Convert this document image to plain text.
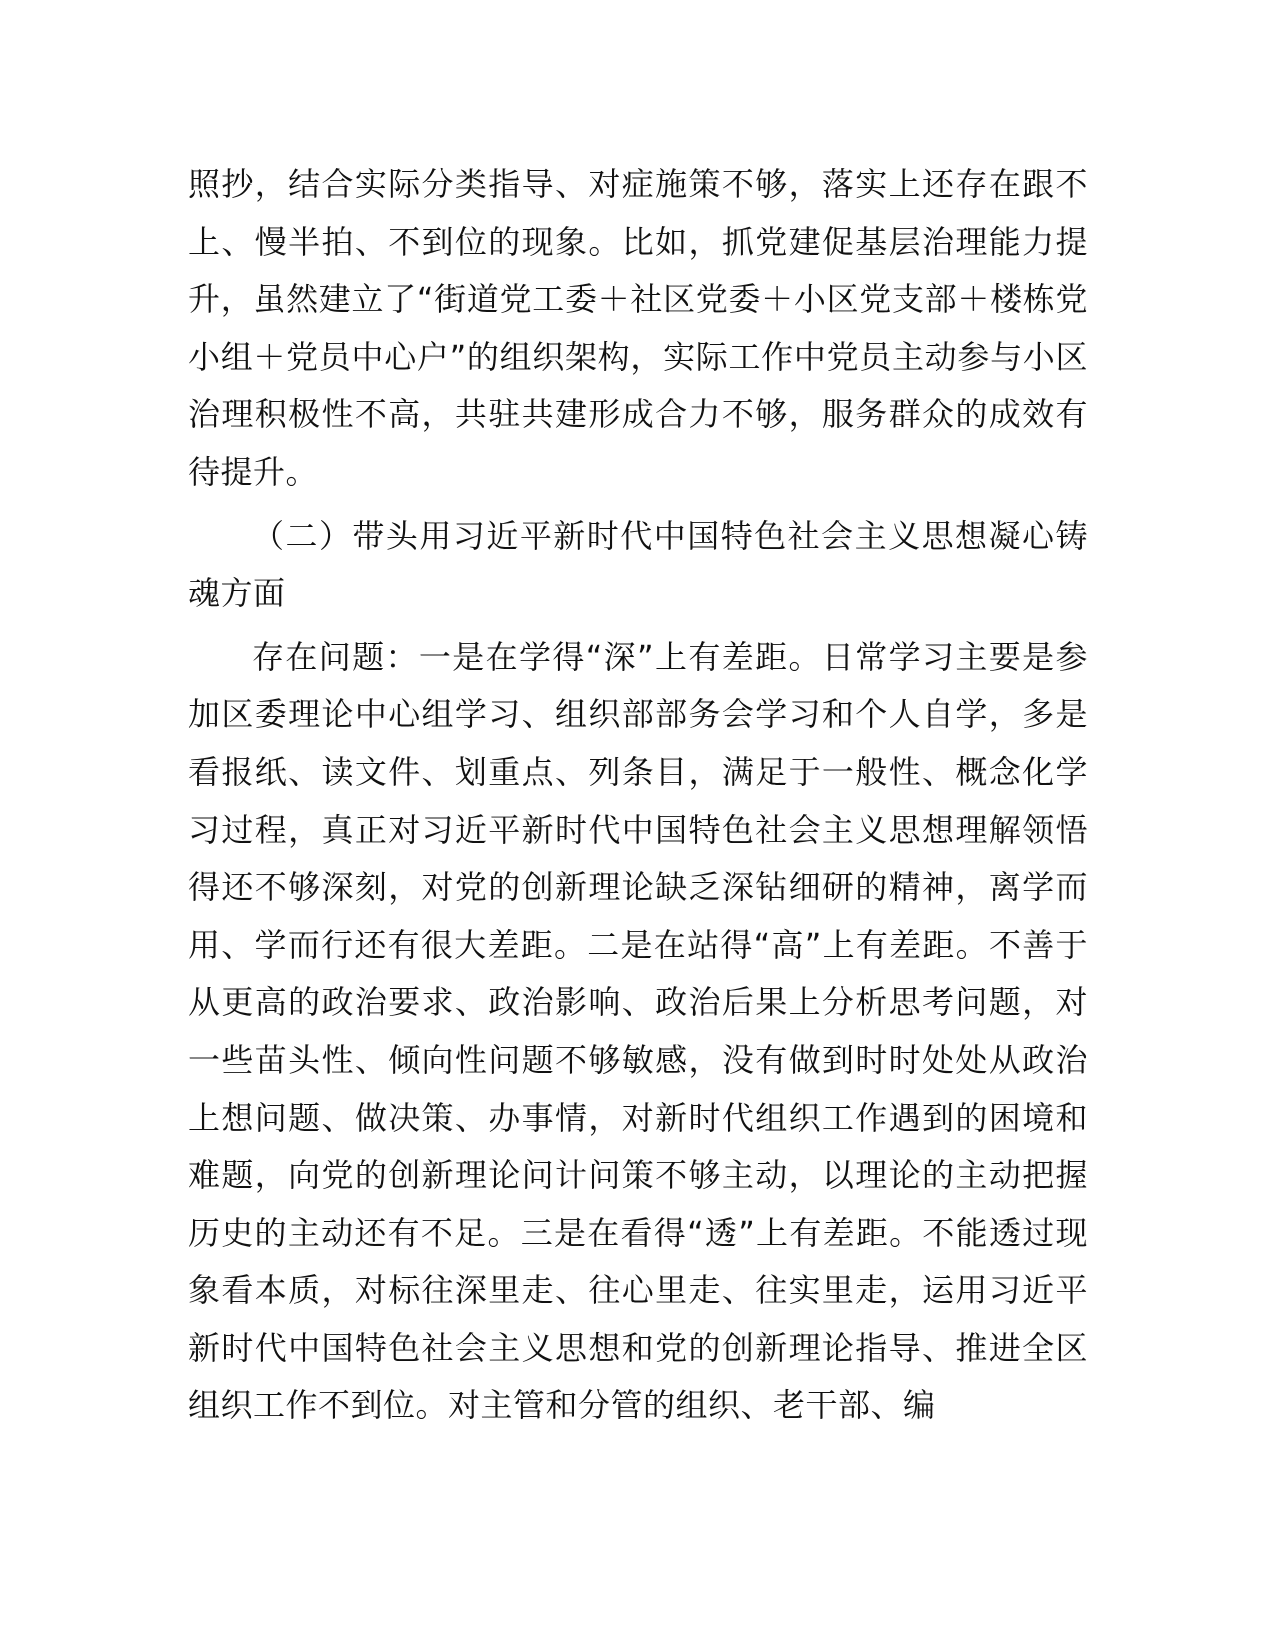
照抄，结合实际分类指导、对症施策不够，落实上还存在跟不上、慢半拍、不到位的现象。比如，抓党建促基层治理能力提升，虽然建立了“街道党工委＋社区党委＋小区党支部＋楼栋党小组＋党员中心户”的组织架构，实际工作中党员主动参与小区治理积极性不高，共驻共建形成合力不够，服务群众的成效有待提升。

（二）带头用习近平新时代中国特色社会主义思想凝心铸魂方面

存在问题：一是在学得“深”上有差距。日常学习主要是参加区委理论中心组学习、组织部部务会学习和个人自学，多是看报纸、读文件、划重点、列条目，满足于一般性、概念化学习过程，真正对习近平新时代中国特色社会主义思想理解领悟得还不够深刻，对党的创新理论缺乏深钻细研的精神，离学而用、学而行还有很大差距。二是在站得“高”上有差距。不善于从更高的政治要求、政治影响、政治后果上分析思考问题，对一些苗头性、倾向性问题不够敏感，没有做到时时处处从政治上想问题、做决策、办事情，对新时代组织工作遇到的困境和难题，向党的创新理论问计问策不够主动，以理论的主动把握历史的主动还有不足。三是在看得“透”上有差距。不能透过现象看本质，对标往深里走、往心里走、往实里走，运用习近平新时代中国特色社会主义思想和党的创新理论指导、推进全区组织工作不到位。对主管和分管的组织、老干部、编
